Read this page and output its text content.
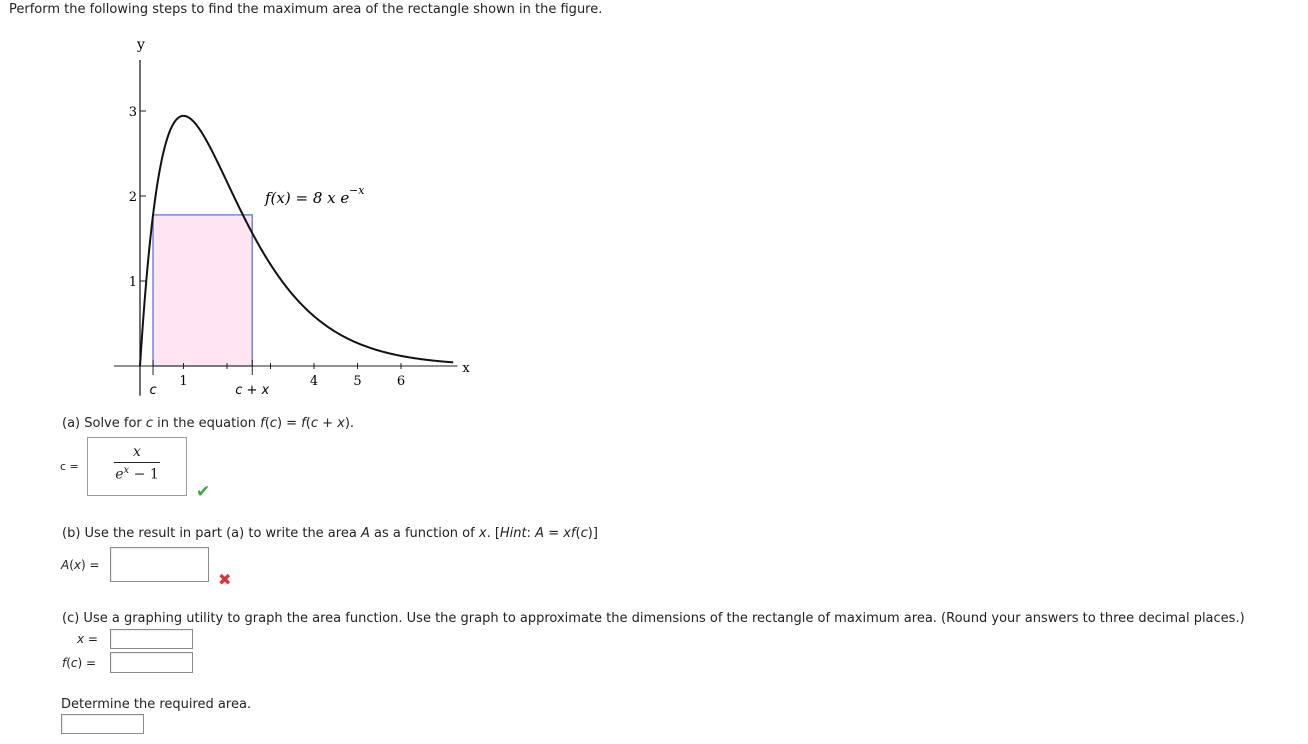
Perform the following steps to find the maximum area of the rectangle shown in the figure.
1	4	5	6
1
2
3
y
x
c	c + x
f(x) = 8 x e −x
(a) Solve for c in the equation f(c) = f(c + x).
c =
x
$e^x - 1$
✔
(b) Use the result in part (a) to write the area A as a function of x. [Hint: A = xf(c)]
A(x) =
✖
(c) Use a graphing utility to graph the area function. Use the graph to approximate the dimensions of the rectangle of maximum area. (Round your answers to three decimal places.)
x =
f(c) =
Determine the required area.
